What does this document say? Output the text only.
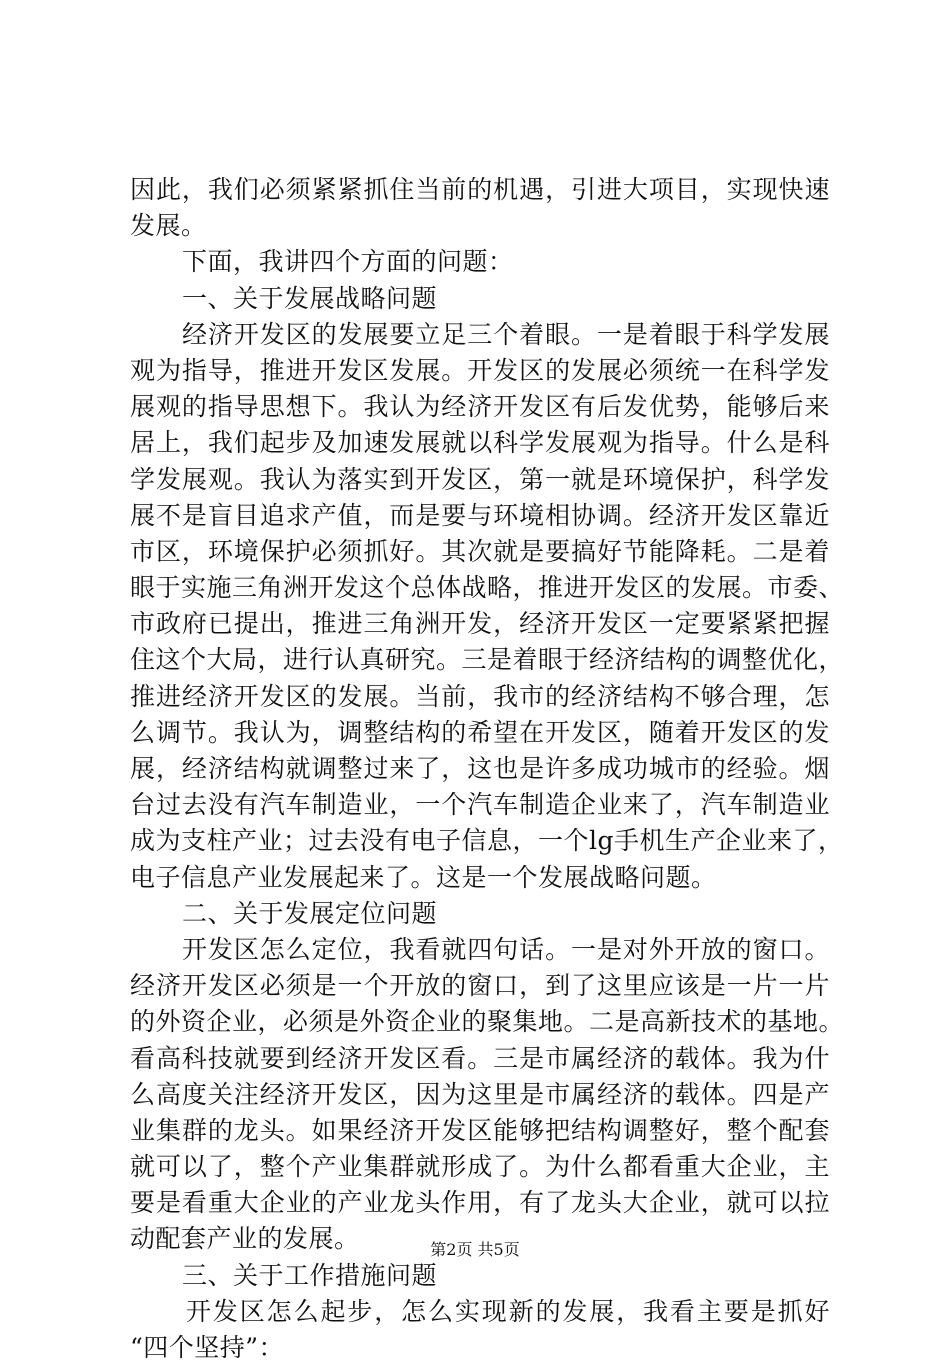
因此，我们必须紧紧抓住当前的机遇，引进大项目，实现快速
发展。
下面，我讲四个方面的问题：
一、关于发展战略问题
经济开发区的发展要立足三个着眼。一是着眼于科学发展
观为指导，推进开发区发展。开发区的发展必须统一在科学发
展观的指导思想下。我认为经济开发区有后发优势，能够后来
居上，我们起步及加速发展就以科学发展观为指导。什么是科
学发展观。我认为落实到开发区，第一就是环境保护，科学发
展不是盲目追求产值，而是要与环境相协调。经济开发区靠近
市区，环境保护必须抓好。其次就是要搞好节能降耗。二是着
眼于实施三角洲开发这个总体战略，推进开发区的发展。市委、
市政府已提出，推进三角洲开发，经济开发区一定要紧紧把握
住这个大局，进行认真研究。三是着眼于经济结构的调整优化，
推进经济开发区的发展。当前，我市的经济结构不够合理，怎
么调节。我认为，调整结构的希望在开发区，随着开发区的发
展，经济结构就调整过来了，这也是许多成功城市的经验。烟
台过去没有汽车制造业，一个汽车制造企业来了，汽车制造业
成为支柱产业；过去没有电子信息，一个lg手机生产企业来了，
电子信息产业发展起来了。这是一个发展战略问题。
二、关于发展定位问题
开发区怎么定位，我看就四句话。一是对外开放的窗口。
经济开发区必须是一个开放的窗口，到了这里应该是一片一片
的外资企业，必须是外资企业的聚集地。二是高新技术的基地。
看高科技就要到经济开发区看。三是市属经济的载体。我为什
么高度关注经济开发区，因为这里是市属经济的载体。四是产
业集群的龙头。如果经济开发区能够把结构调整好，整个配套
就可以了，整个产业集群就形成了。为什么都看重大企业，主
要是看重大企业的产业龙头作用，有了龙头大企业，就可以拉
动配套产业的发展。
三、关于工作措施问题
开发区怎么起步，怎么实现新的发展，我看主要是抓好
“四个坚持”：
第2页 共5页
